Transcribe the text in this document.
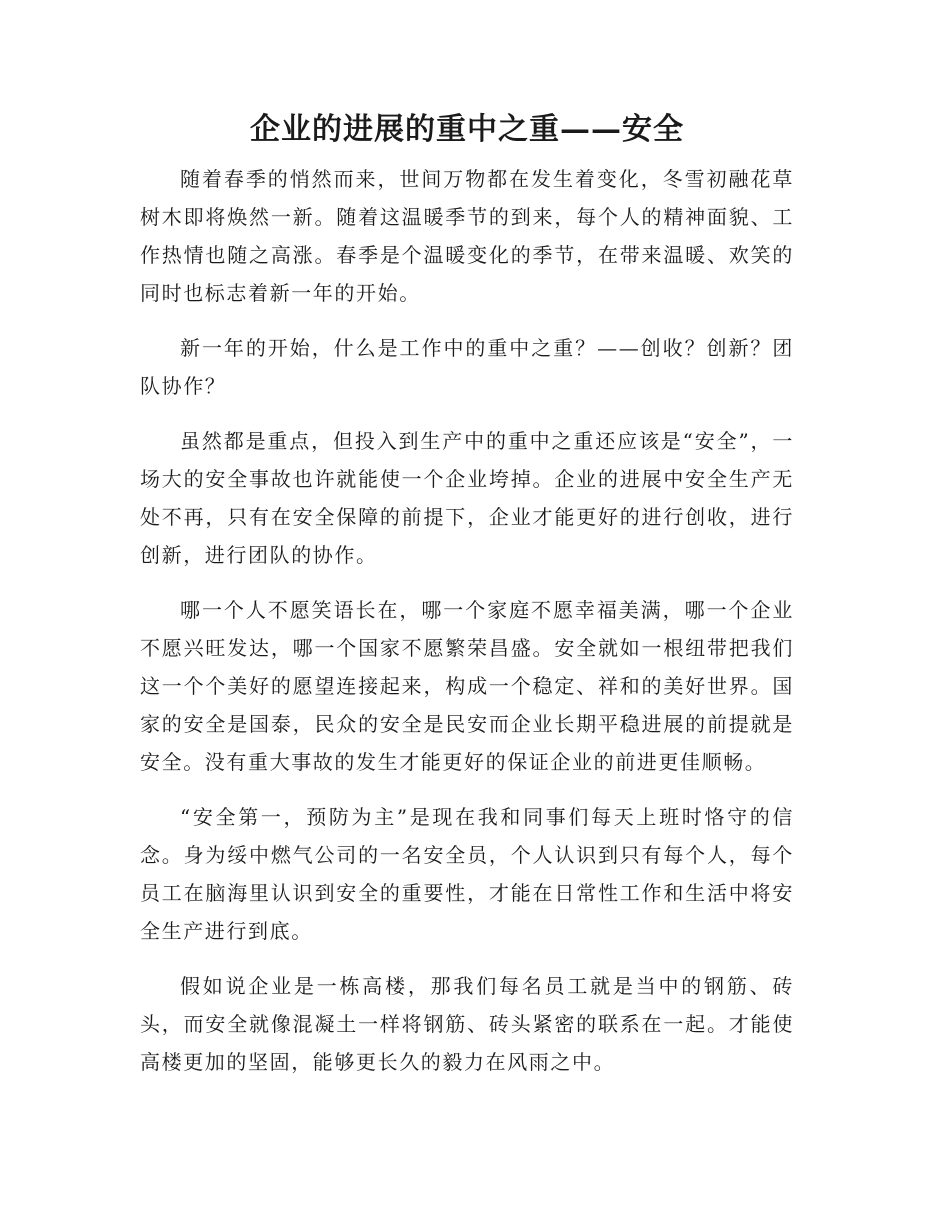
企业的进展的重中之重——安全

随着春季的悄然而来，世间万物都在发生着变化，冬雪初融花草树木即将焕然一新。随着这温暖季节的到来，每个人的精神面貌、工作热情也随之高涨。春季是个温暖变化的季节，在带来温暖、欢笑的同时也标志着新一年的开始。

新一年的开始，什么是工作中的重中之重？——创收？创新？团队协作？

虽然都是重点，但投入到生产中的重中之重还应该是“安全”，一场大的安全事故也许就能使一个企业垮掉。企业的进展中安全生产无处不再，只有在安全保障的前提下，企业才能更好的进行创收，进行创新，进行团队的协作。

哪一个人不愿笑语长在，哪一个家庭不愿幸福美满，哪一个企业不愿兴旺发达，哪一个国家不愿繁荣昌盛。安全就如一根纽带把我们这一个个美好的愿望连接起来，构成一个稳定、祥和的美好世界。国家的安全是国泰，民众的安全是民安而企业长期平稳进展的前提就是安全。没有重大事故的发生才能更好的保证企业的前进更佳顺畅。

“安全第一，预防为主”是现在我和同事们每天上班时恪守的信念。身为绥中燃气公司的一名安全员，个人认识到只有每个人，每个员工在脑海里认识到安全的重要性，才能在日常性工作和生活中将安全生产进行到底。

假如说企业是一栋高楼，那我们每名员工就是当中的钢筋、砖头，而安全就像混凝土一样将钢筋、砖头紧密的联系在一起。才能使高楼更加的坚固，能够更长久的毅力在风雨之中。
